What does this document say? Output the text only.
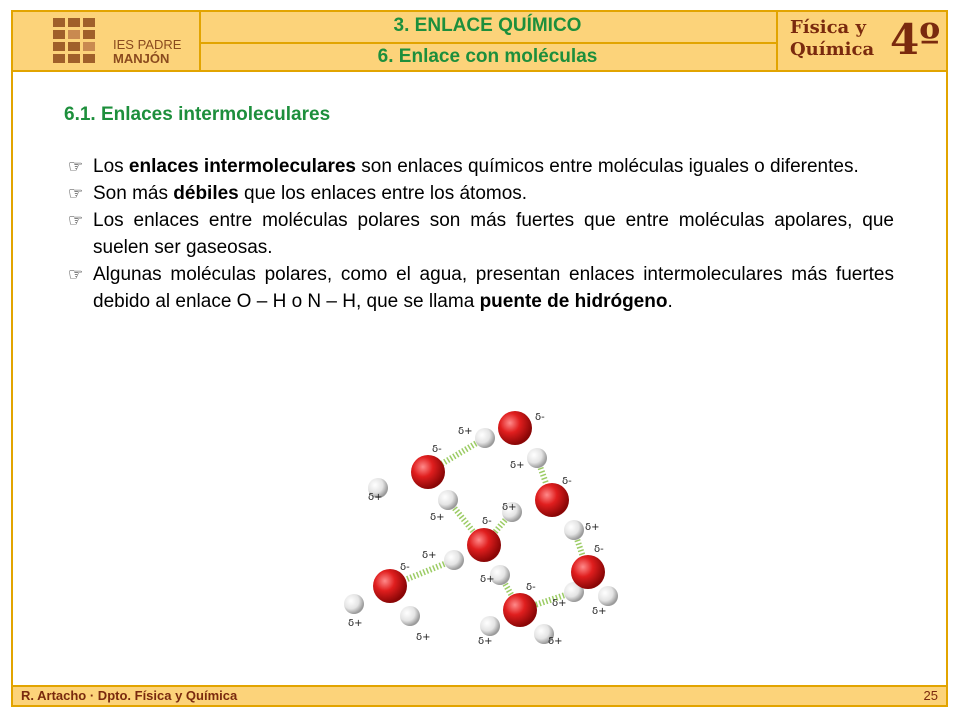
IES PADRE
MANJÓN
3. ENLACE QUÍMICO
6. Enlace con moléculas
Física y
Química 4º
6.1. Enlaces intermoleculares
☞ Los enlaces intermoleculares son enlaces químicos entre moléculas iguales o diferentes.
☞ Son más débiles que los enlaces entre los átomos.
☞ Los enlaces entre moléculas polares son más fuertes que entre moléculas apolares, que suelen ser gaseosas.
☞ Algunas moléculas polares, como el agua, presentan enlaces intermoleculares más fuertes debido al enlace O – H o N – H, que se llama puente de hidrógeno.
δ-
δ+
δ+
δ-
δ+
δ+
δ-
δ+
δ+
δ-
δ+
δ+
δ-
δ+
δ-
δ+
δ+
δ-
δ+
δ+	δ+
R. Artacho · Dpto. Física y Química	25
